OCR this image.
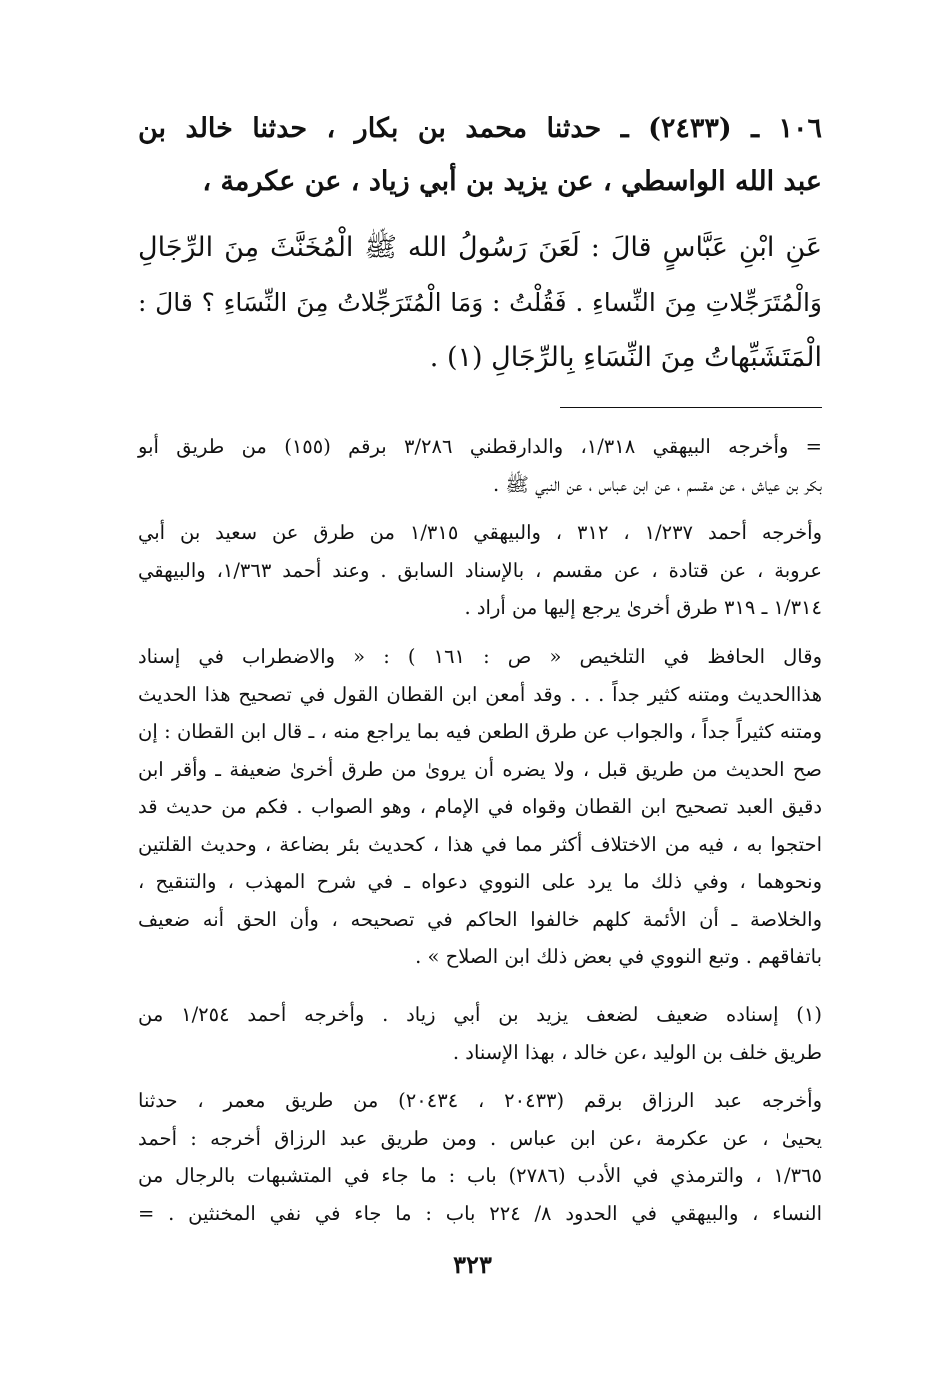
١٠٦ ـ (٢٤٣٣) ـ حدثنا محمد بن بكار ، حدثنا خالد بن
عبد الله الواسطي ، عن يزيد بن أبي زياد ، عن عكرمة ،
عَنِ ابْنِ عَبَّاسٍ قالَ : لَعَنَ رَسُولُ الله ﷺ الْمُخَنَّثَ مِنَ الرِّجَالِ
وَالْمُتَرَجِّلاتِ مِنَ النِّساءِ . فَقُلْتُ : وَمَا الْمُتَرَجِّلاتُ مِنَ النِّسَاءِ ؟ قالَ :
الْمَتَشَبِّهاتُ مِنَ النِّسَاءِ بِالرِّجَالِ (١) .
= وأخرجه البيهقي ١/٣١٨، والدارقطني ٣/٢٨٦ برقم (١٥٥) من طريق أبو
بكر بن عياش ، عن مقسم ، عن ابن عباس ، عن النبي ﷺ .
وأخرجه أحمد ١/٢٣٧ ، ٣١٢ ، والبيهقي ١/٣١٥ من طرق عن سعيد بن أبي
عروبة ، عن قتادة ، عن مقسم ، بالإسناد السابق . وعند أحمد ١/٣٦٣، والبيهقي
١/٣١٤ ـ ٣١٩ طرق أخرىٰ يرجع إليها من أراد .
وقال الحافظ في التلخيص « ص : ١٦١ ) : « والاضطراب في إسناد
هذاالحديث ومتنه كثير جداً . . . وقد أمعن ابن القطان القول في تصحيح هذا الحديث
ومتنه كثيراً جداً ، والجواب عن طرق الطعن فيه بما يراجع منه ، ـ قال ابن القطان : إن
صح الحديث من طريق قبل ، ولا يضره أن يروىٰ من طرق أخرىٰ ضعيفة ـ وأقر ابن
دقيق العبد تصحيح ابن القطان وقواه في الإمام ، وهو الصواب . فكم من حديث قد
احتجوا به ، فيه من الاختلاف أكثر مما في هذا ، كحديث بئر بضاعة ، وحديث القلتين
ونحوهما ، وفي ذلك ما يرد على النووي دعواه ـ في شرح المهذب ، والتنقيح ،
والخلاصة ـ أن الأئمة كلهم خالفوا الحاكم في تصحيحه ، وأن الحق أنه ضعيف
باتفاقهم . وتبع النووي في بعض ذلك ابن الصلاح » .
(١) إسناده ضعيف لضعف يزيد بن أبي زياد . وأخرجه أحمد ١/٢٥٤ من
طريق خلف بن الوليد ،عن خالد ، بهذا الإسناد .
وأخرجه عبد الرزاق برقم (٢٠٤٣٣ ، ٢٠٤٣٤) من طريق معمر ، حدثنا
يحيىٰ ، عن عكرمة ،عن ابن عباس . ومن طريق عبد الرزاق أخرجه : أحمد
١/٣٦٥ ، والترمذي في الأدب (٢٧٨٦) باب : ما جاء في المتشبهات بالرجال من
النساء ، والبيهقي في الحدود ٨/ ٢٢٤ باب : ما جاء في نفي المخنثين . =
٣٢٣
